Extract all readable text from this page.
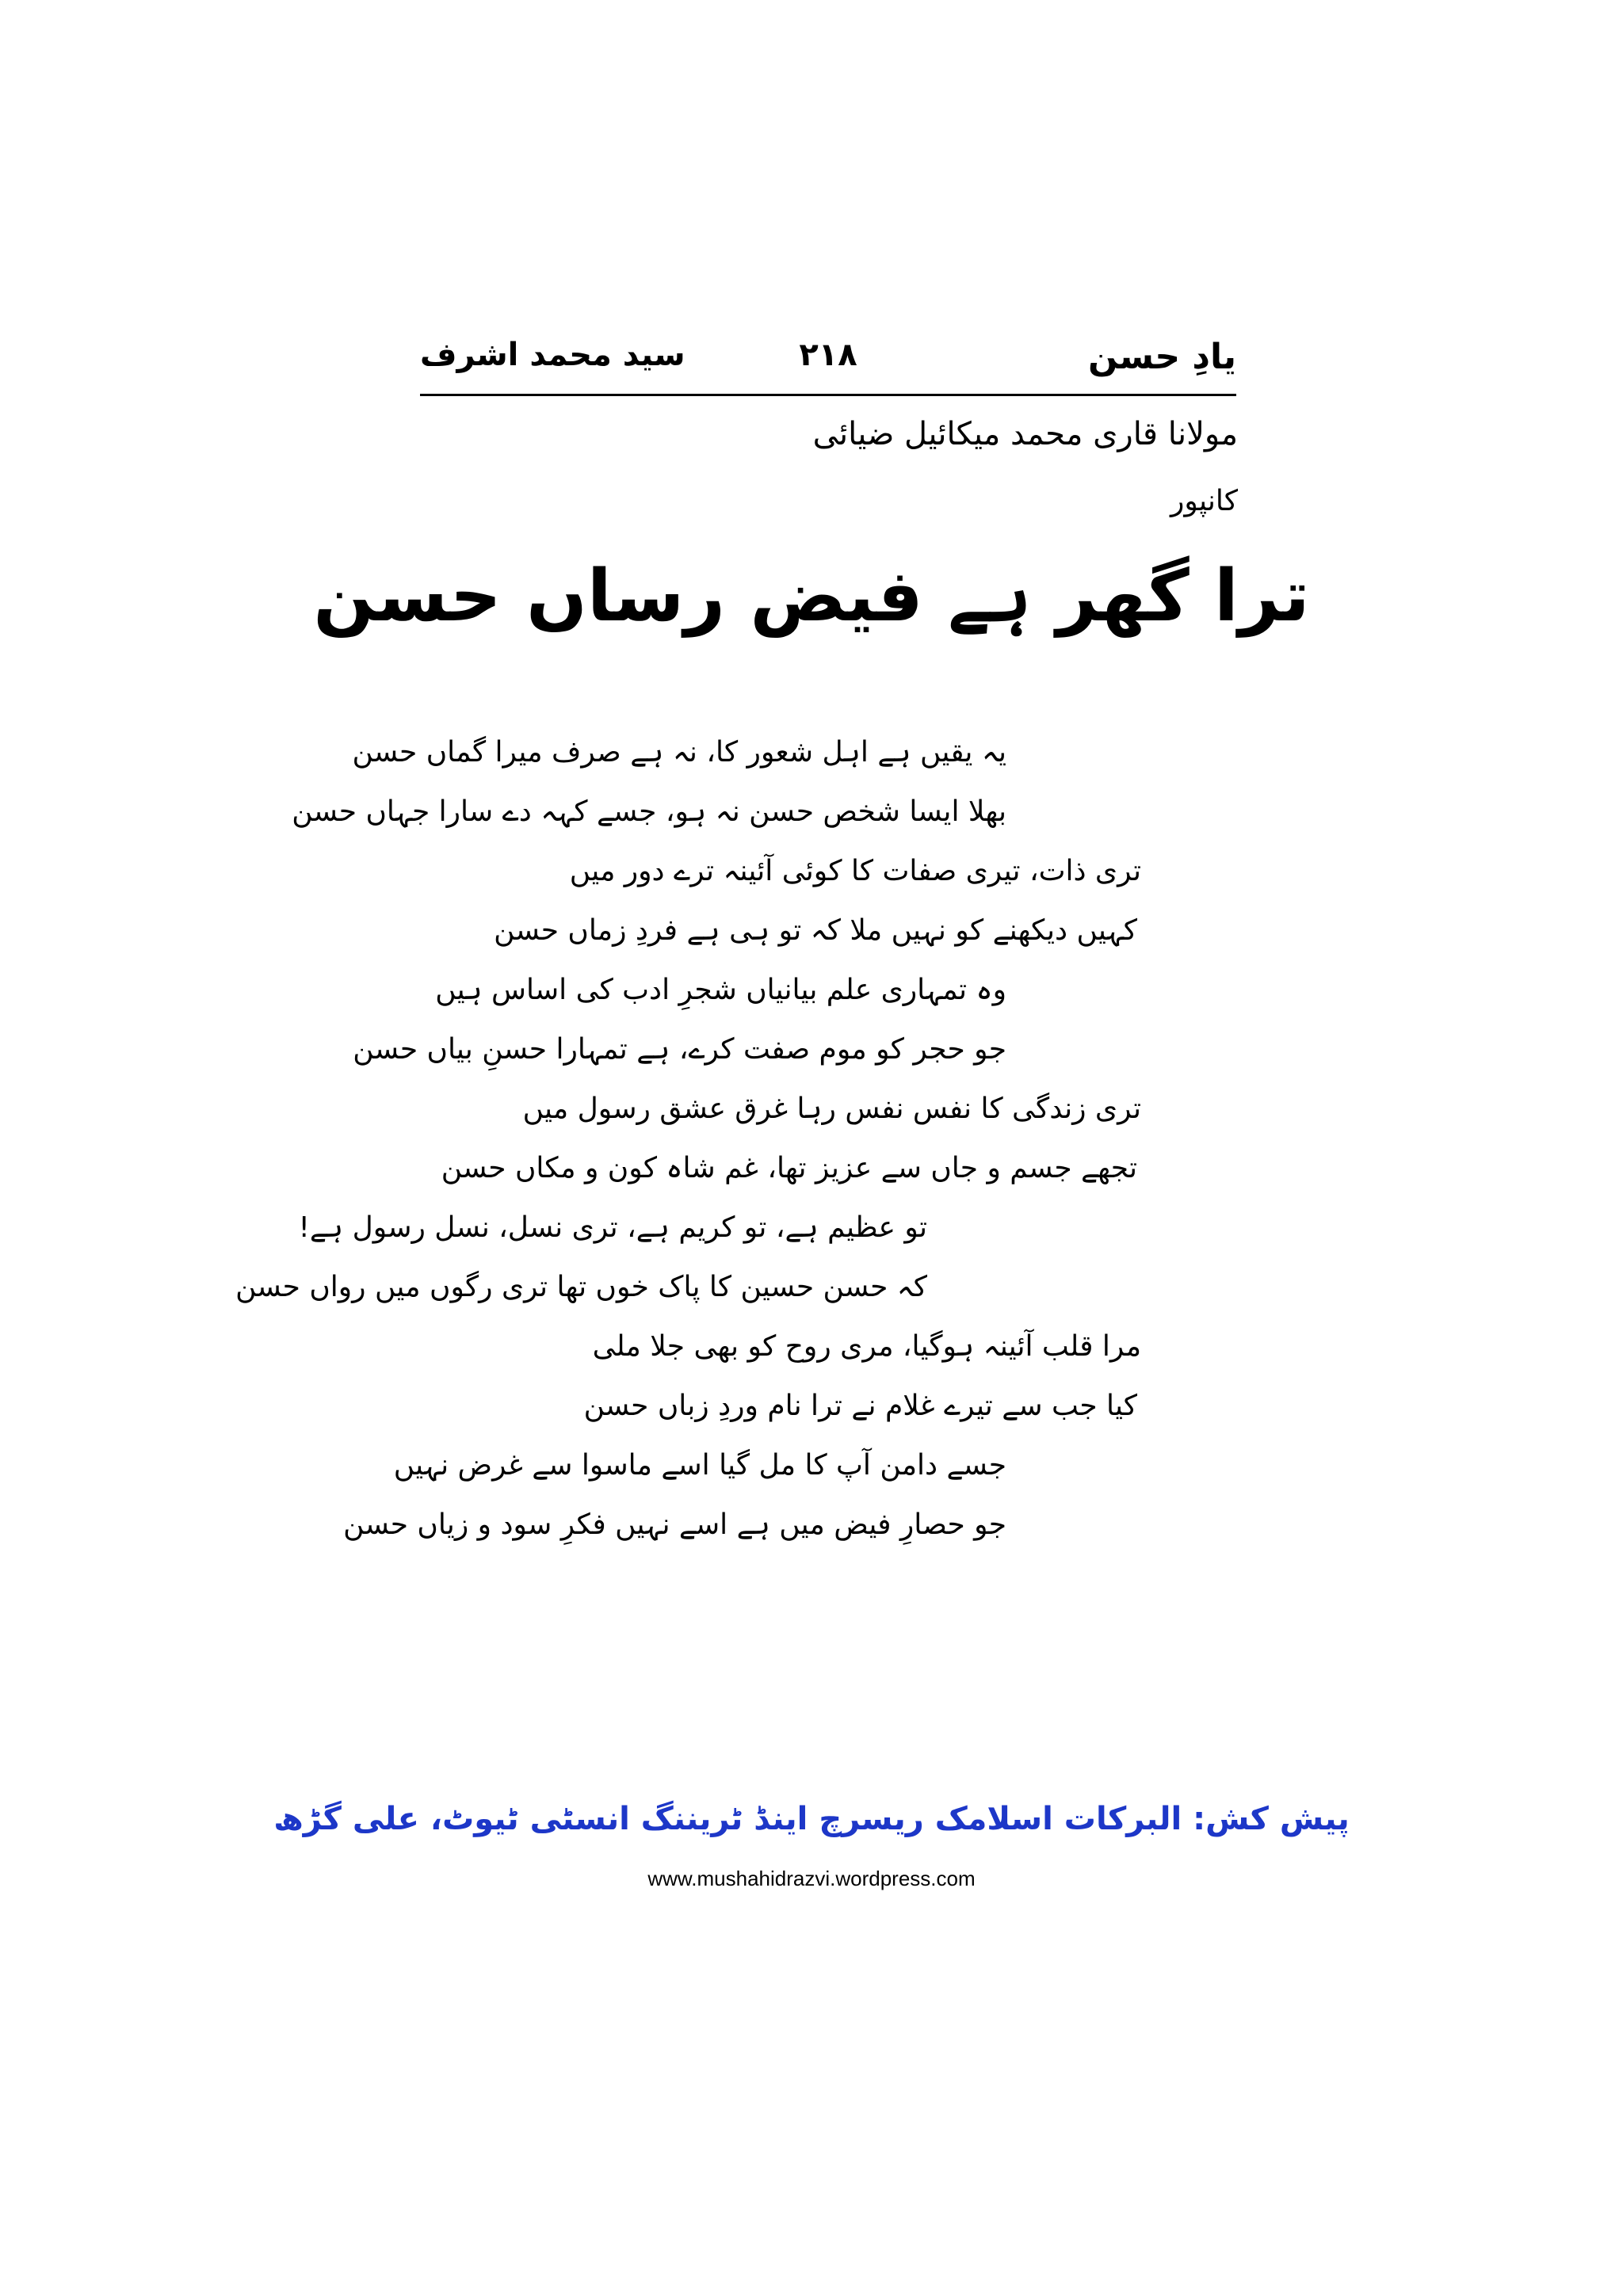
یادِ حسن
۲۱۸
سید محمد اشرف
مولانا قاری محمد میکائیل ضیائی
کانپور
ترا گھر ہے فیض رساں حسن
یہ یقیں ہے اہل شعور کا، نہ ہے صرف میرا گماں حسن
بھلا ایسا شخص حسن نہ ہو، جسے کہہ دے سارا جہاں حسن
تری ذات، تیری صفات کا کوئی آئینہ ترے دور میں
کہیں دیکھنے کو نہیں ملا کہ تو ہی ہے فردِ زماں حسن
وہ تمہاری علم بیانیاں شجرِ ادب کی اساس ہیں
جو حجر کو موم صفت کرے، ہے تمہارا حسنِ بیاں حسن
تری زندگی کا نفس نفس رہا غرق عشق رسول میں
تجھے جسم و جاں سے عزیز تھا، غم شاہ کون و مکاں حسن
تو عظیم ہے، تو کریم ہے، تری نسل، نسل رسول ہے!
کہ حسن حسین کا پاک خوں تھا تری رگوں میں رواں حسن
مرا قلب آئینہ ہوگیا، مری روح کو بھی جلا ملی
کیا جب سے تیرے غلام نے ترا نام وردِ زباں حسن
جسے دامن آپ کا مل گیا اسے ماسوا سے غرض نہیں
جو حصارِ فیض میں ہے اسے نہیں فکرِ سود و زیاں حسن
پیش کش: البرکات اسلامک ریسرچ اینڈ ٹریننگ انسٹی ٹیوٹ، علی گڑھ
www.mushahidrazvi.wordpress.com
